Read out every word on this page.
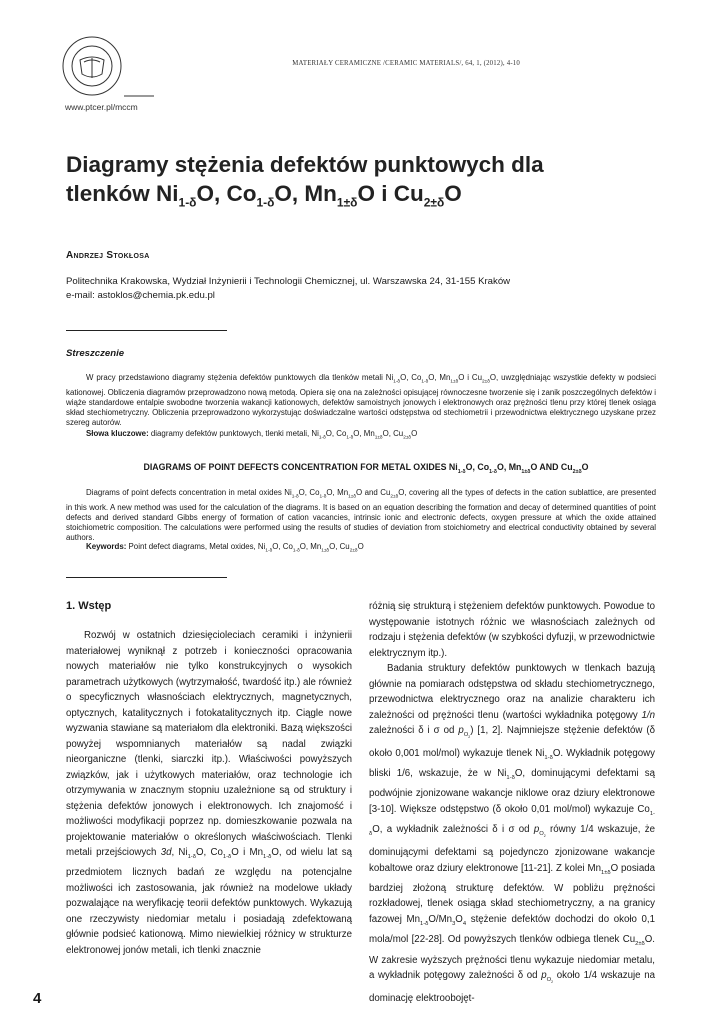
www.ptcer.pl/mccm
MATERIAŁY CERAMICZNE /CERAMIC MATERIALS/, 64, 1, (2012), 4-10
Diagramy stężenia defektów punktowych dla
tlenków $Ni_{1-\delta}O$, $Co_{1-\delta}O$, $Mn_{1\pm\delta}O$ i $Cu_{2\pm\delta}O$
Andrzej Stokłosa
Politechnika Krakowska, Wydział Inżynierii i Technologii Chemicznej, ul. Warszawska 24, 31-155 Kraków
e-mail: astoklos@chemia.pk.edu.pl
Streszczenie
W pracy przedstawiono diagramy stężenia defektów punktowych dla tlenków metali $Ni_{1-\delta}O$, $Co_{1-\delta}O$, $Mn_{1\pm\delta}O$ i $Cu_{2\pm\delta}O$, uwzględniając wszystkie defekty w podsieci kationowej. Obliczenia diagramów przeprowadzono nową metodą. Opiera się ona na zależności opisującej równoczesne tworzenie się i zanik poszczególnych defektów i wiąże standardowe entalpie swobodne tworzenia wakancji kationowych, defektów samoistnych jonowych i elektronowych oraz prężności tlenu przy której tlenek osiąga skład stechiometryczny. Obliczenia przeprowadzono wykorzystując doświadczalne wartości odstępstwa od stechiometrii i przewodnictwa elektrycznego uzyskane przez szereg autorów.
Słowa kluczowe: diagramy defektów punktowych, tlenki metali, $Ni_{1-\delta}O$, $Co_{1-\delta}O$, $Mn_{1\pm\delta}O$, $Cu_{2\pm\delta}O$
DIAGRAMS OF POINT DEFECTS CONCENTRATION FOR METAL OXIDES $Ni_{1-\delta}O$, $Co_{1-\delta}O$, $Mn_{1\pm\delta}O$ AND $Cu_{2\pm\delta}O$
Diagrams of point defects concentration in metal oxides $Ni_{1-\delta}O$, $Co_{1-\delta}O$, $Mn_{1\pm\delta}O$ and $Cu_{2\pm\delta}O$, covering all the types of defects in the cation sublattice, are presented in this work. A new method was used for the calculation of the diagrams. It is based on an equation describing the formation and decay of determined quantities of point defects and derived standard Gibbs energy of formation of cation vacancies, intrinsic ionic and electronic defects, oxygen pressure at which the oxide attained stoichiometric composition. The calculations were performed using the results of studies of deviation from stoichiometry and electrical conductivity obtained by several authors.
Keywords: Point defect diagrams, Metal oxides, $Ni_{1-\delta}O$, $Co_{1-\delta}O$, $Mn_{1\pm\delta}O$, $Cu_{2\pm\delta}O$
1. Wstęp

Rozwój w ostatnich dziesięcioleciach ceramiki i inżynierii materiałowej wyniknął z potrzeb i konieczności opracowania nowych materiałów nie tylko konstrukcyjnych o wysokich parametrach użytkowych (wytrzymałość, twardość itp.) ale również o specyficznych własnościach elektrycznych, magnetycznych, optycznych, katalitycznych i fotokatalitycznych itp. Ciągle nowe wyzwania stawiane są materiałom dla elektroniki. Bazą większości powyżej wspomnianych materiałów są nadal związki nieorganiczne (tlenki, siarczki itp.). Właściwości powyższych związków, jak i użytkowych materiałów, oraz technologie ich otrzymywania w znacznym stopniu uzależnione są od struktury i stężenia defektów jonowych i elektronowych. Ich znajomość i możliwości modyfikacji poprzez np. domieszkowanie pozwala na projektowanie materiałów o określonych właściwościach. Tlenki metali przejściowych 3d, $Ni_{1-\delta}O$, $Co_{1-\delta}O$ i $Mn_{1-\delta}O$, od wielu lat są przedmiotem licznych badań ze względu na potencjalne możliwości ich zastosowania, jak również na modelowe układy pozwalające na weryfikację teorii defektów punktowych. Wykazują one rzeczywisty niedomiar metalu i posiadają zdefektowaną głównie podsieć kationową. Mimo niewielkiej różnicy w strukturze elektronowej jonów metali, ich tlenki znacznie

różnią się strukturą i stężeniem defektów punktowych. Powodue to występowanie istotnych różnic we własnościach zależnych od rodzaju i stężenia defektów (w szybkości dyfuzji, w przewodnictwie elektrycznym itp.).

Badania struktury defektów punktowych w tlenkach bazują głównie na pomiarach odstępstwa od składu stechiometrycznego, przewodnictwa elektrycznego oraz na analizie charakteru ich zależności od prężności tlenu (wartości wykładnika potęgowy 1/n zależności δ i σ od $p_{O_2}$) [1, 2]. Najmniejsze stężenie defektów (δ około 0,001 mol/mol) wykazuje tlenek $Ni_{1-\delta}O$. Wykładnik potęgowy bliski 1/6, wskazuje, że w $Ni_{1-\delta}O$, dominującymi defektami są podwójnie zjonizowane wakancje niklowe oraz dziury elektronowe [3-10]. Większe odstępstwo (δ około 0,01 mol/mol) wykazuje $Co_{1-\delta}O$, a wykładnik zależności δ i σ od $p_{O_2}$ równy 1/4 wskazuje, że dominującymi defektami są pojedynczo zjonizowane wakancje kobaltowe oraz dziury elektronowe [11-21]. Z kolei $Mn_{1\pm\delta}O$ posiada bardziej złożoną strukturę defektów. W pobliżu prężności rozkładowej, tlenek osiąga skład stechiometryczny, a na granicy fazowej $Mn_{1-\delta}O/Mn_3O_4$ stężenie defektów dochodzi do około 0,1 mola/mol [22-28]. Od powyższych tlenków odbiega tlenek $Cu_{2\pm\delta}O$. W zakresie wyższych prężności tlenu wykazuje niedomiar metalu, a wykładnik potęgowy zależności δ od $p_{O_2}$ około 1/4 wskazuje na dominację elektroobojęt-

4
